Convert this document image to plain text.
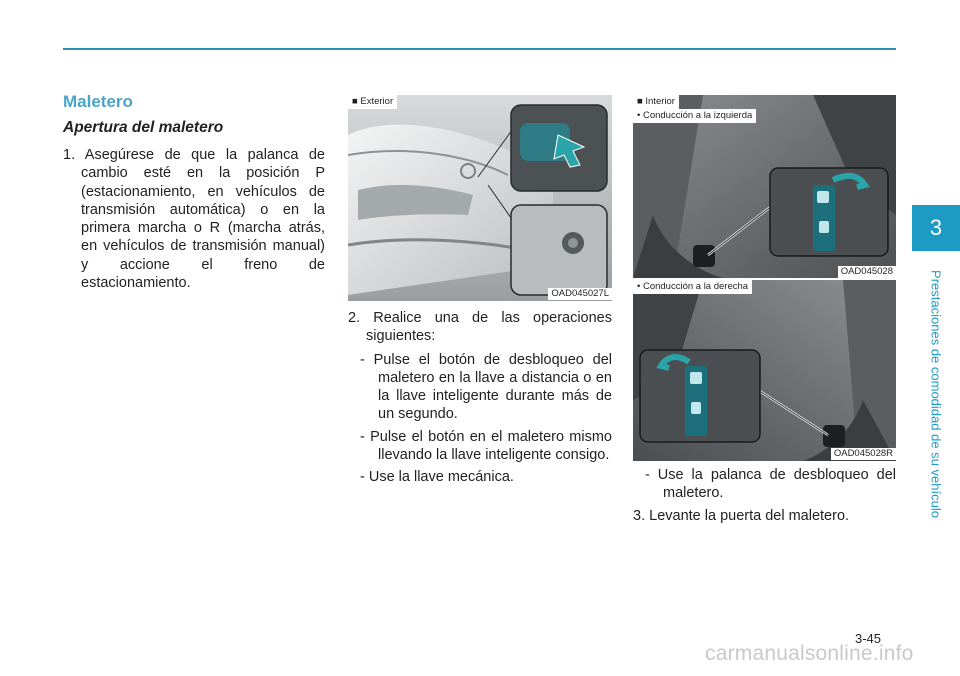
3
Prestaciones de comodidad de su vehículo
Maletero
Apertura del maletero

1. Asegúrese de que la palanca de cambio esté en la posición P (estacionamiento, en vehículos de transmisión automática) o en la primera marcha o R (marcha atrás, en vehículos de transmisión manual) y accione el freno de estacionamiento.

■ Exterior
OAD045027L

2. Realice una de las operaciones siguientes:

- Pulse el botón de desbloqueo del maletero en la llave a distancia o en la llave inteligente durante más de un segundo.

- Pulse el botón en el maletero mismo llevando la llave inteligente consigo.

- Use la llave mecánica.

■ Interior
• Conducción a la izquierda
OAD045028
• Conducción a la derecha
OAD045028R

- Use la palanca de desbloqueo del maletero.

3. Levante la puerta del maletero.

3-45
carmanualsonline.info
